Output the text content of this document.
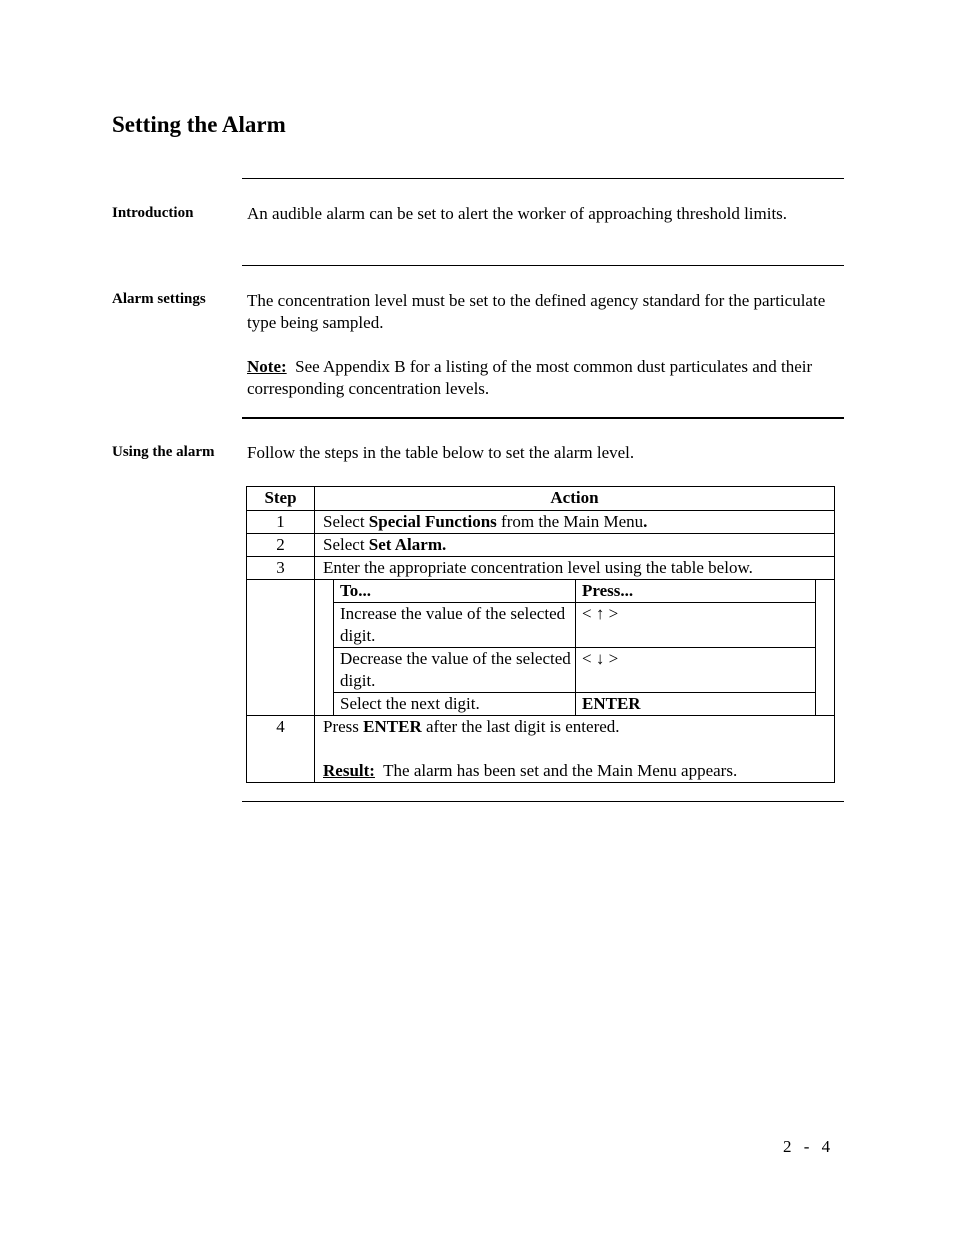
Setting the Alarm
Introduction	An audible alarm can be set to alert the worker of approaching threshold limits.

Alarm settings The concentration level must be set to the defined agency standard for the particulate type being sampled.

Note: See Appendix B for a listing of the most common dust particulates and their corresponding concentration levels.

Using the alarm Follow the steps in the table below to set the alarm level.

Step	Action
1	Select Special Functions from the Main Menu.
2	Select Set Alarm.
3	Enter the appropriate concentration level using the table below.

To...	Press...
Increase the value of the selected digit.	< ↑ >
Decrease the value of the selected digit.	< ↓ >
Select the next digit.	ENTER

4	Press ENTER after the last digit is entered.
Result: The alarm has been set and the Main Menu appears.
2 - 4
